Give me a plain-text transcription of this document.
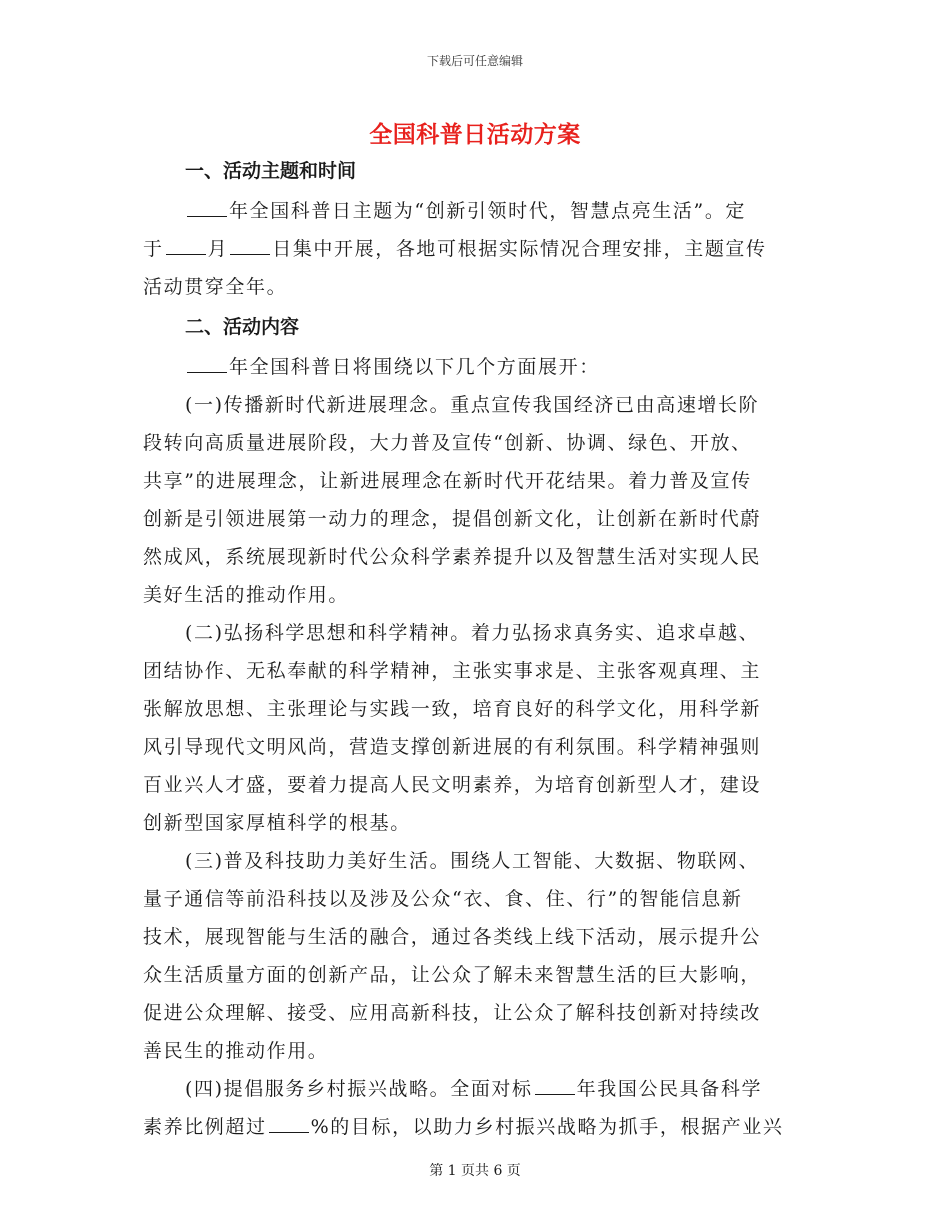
下载后可任意编辑
全国科普日活动方案
一、活动主题和时间
年全国科普日主题为“创新引领时代，智慧点亮生活”。定
于 月 日集中开展，各地可根据实际情况合理安排，主题宣传
活动贯穿全年。
二、活动内容
年全国科普日将围绕以下几个方面展开：
(一)传播新时代新进展理念。重点宣传我国经济已由高速增长阶
段转向高质量进展阶段，大力普及宣传“创新、协调、绿色、开放、
共享”的进展理念，让新进展理念在新时代开花结果。着力普及宣传
创新是引领进展第一动力的理念，提倡创新文化，让创新在新时代蔚
然成风，系统展现新时代公众科学素养提升以及智慧生活对实现人民
美好生活的推动作用。
(二)弘扬科学思想和科学精神。着力弘扬求真务实、追求卓越、
团结协作、无私奉献的科学精神，主张实事求是、主张客观真理、主
张解放思想、主张理论与实践一致，培育良好的科学文化，用科学新
风引导现代文明风尚，营造支撑创新进展的有利氛围。科学精神强则
百业兴人才盛，要着力提高人民文明素养，为培育创新型人才，建设
创新型国家厚植科学的根基。
(三)普及科技助力美好生活。围绕人工智能、大数据、物联网、
量子通信等前沿科技以及涉及公众“衣、食、住、行”的智能信息新
技术，展现智能与生活的融合，通过各类线上线下活动，展示提升公
众生活质量方面的创新产品，让公众了解未来智慧生活的巨大影响，
促进公众理解、接受、应用高新科技，让公众了解科技创新对持续改
善民生的推动作用。
(四)提倡服务乡村振兴战略。全面对标 年我国公民具备科学
素养比例超过 %的目标，以助力乡村振兴战略为抓手，根据产业兴
第 1 页共 6 页
